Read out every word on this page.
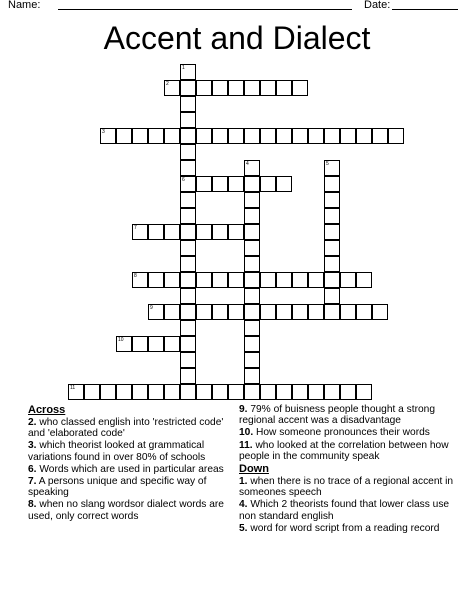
Name:	Date:
Accent and Dialect
2
3
6
7
8
9
10
11
1
4	5
Across
2. who classed english into 'restricted code' and 'elaborated code'
3. which theorist looked at grammatical variations found in over 80% of schools
6. Words which are used in particular areas
7. A persons unique and specific way of speaking
8. when no slang wordsor dialect words are used, only correct words
9. 79% of buisness people thought a strong regional accent was a disadvantage
10. How someone pronounces their words
11. who looked at the correlation between how people in the community speak
Down
1. when there is no trace of a regional accent in someones speech
4. Which 2 theorists found that lower class use non standard english
5. word for word script from a reading record
